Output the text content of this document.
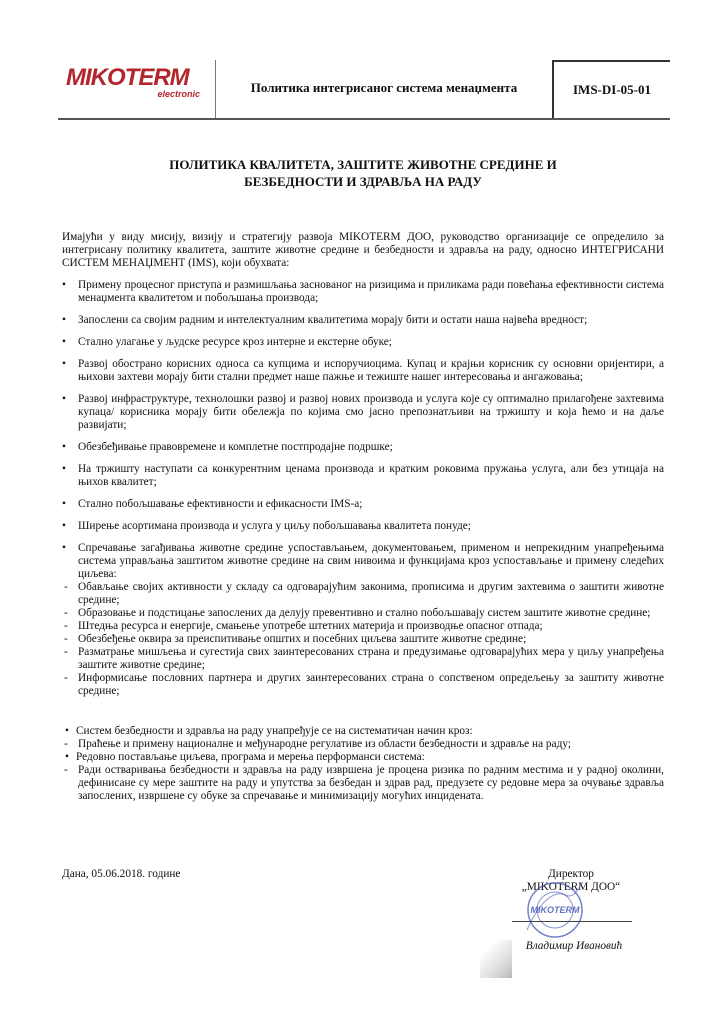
MIKOTERM
electronic	Политика интегрисаног система менаџмента	IMS-DI-05-01
ПОЛИТИКА КВАЛИТЕТА, ЗАШТИТЕ ЖИВОТНЕ СРЕДИНЕ И
БЕЗБЕДНОСТИ И ЗДРАВЉА НА РАДУ

Имајући у виду мисију, визију и стратегију развоја MIKOTERM ДОО, руководство организације се определило за интегрисану политику квалитета, заштите животне средине и безбедности и здравља на раду, односно ИНТЕГРИСАНИ СИСТЕМ МЕНАЏМЕНТ (IMS), који обухвата:

• Примену процесног приступа и размишљања заснованог на ризицима и приликама ради повећања ефективности система менаџмента квалитетом и побољшања производа;
• Запослени са својим радним и интелектуалним квалитетима морају бити и остати наша највећа вредност;
• Стално улагање у људске ресурсе кроз интерне и екстерне обуке;
• Развој обострано корисних односа са купцима и испоручиоцима. Купац и крајњи корисник су основни оријентири, а њихови захтеви морају бити стални предмет наше пажње и тежиште нашег интересовања и ангажовања;
• Развој инфраструктуре, технолошки развој и развој нових производа и услуга које су оптимално прилагођене захтевима купаца/ корисника морају бити обележја по којима смо јасно препознатљиви на тржишту и која ћемо и на даље развијати;
• Обезбеђивање правовремене и комплетне постпродајне подршке;
• На тржишту наступати са конкурентним ценама производа и кратким роковима пружања услуга, али без утицаја на њихов квалитет;
• Стално побољшавање ефективности и ефикасности IMS-a;
• Ширење асортимана производа и услуга у циљу побољшавања квалитета понуде;
• Спречавање загађивања животне средине успостављањем, документовањем, применом и непрекидним унапређењима система управљања заштитом животне средине на свим нивоима и функцијама кроз успостављање и примену следећих циљева:
- Обављање својих активности у складу са одговарајућим законима, прописима и другим захтевима о заштити животне средине;
- Образовање и подстицање запослених да делују превентивно и стално побољшавају систем заштите животне средине;
- Штедња ресурса и енергије, смањење употребе штетних материја и производње опасног отпада;
- Обезбеђење оквира за преиспитивање општих и посебних циљева заштите животне средине;
- Разматрање мишљења и сугестија свих заинтересованих страна и предузимање одговарајућих мера у циљу унапређења заштите животне средине;
- Информисање пословних партнера и других заинтересованих страна о сопственом опредељењу за заштиту животне средине;
• Систем безбедности и здравља на раду унапређује се на систематичан начин кроз:
- Праћење и примену националне и међународне регулативе из области безбедности и здравље на раду;
• Редовно постављање циљева, програма и мерења перформанси система:
- Ради остваривања безбедности и здравља на раду извршена је процена ризика по радним местима и у радној околини, дефинисане су мере заштите на раду и упутства за безбедан и здрав рад, предузете су редовне мера за очување здравља запослених, извршене су обуке за спречавање и минимизацију могућих инцидената.
Дана, 05.06.2018. године	Директор
„MIKOTERM ДОО“
MIKOTERM
Владимир Ивановић
